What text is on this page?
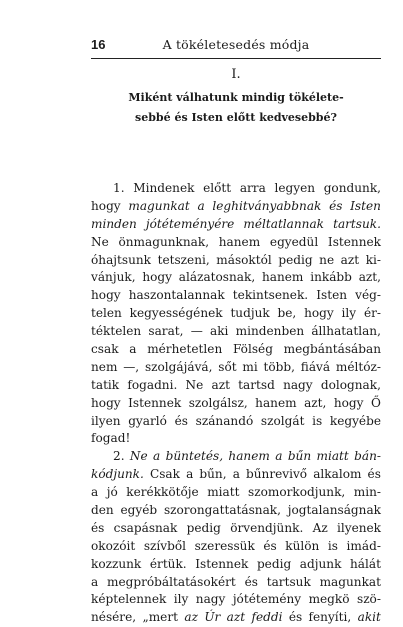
16	A tökéletesedés módja
I.
Miként válhatunk mindig tökélete-
sebbé és Isten előtt kedvesebbé?
1. Mindenek előtt arra legyen gondunk,
hogy magunkat a leghitványabbnak és Isten
minden jótéteményére méltatlannak tartsuk.
Ne önmagunknak, hanem egyedül Istennek
óhajtsunk tetszeni, másoktól pedig ne azt ki-
vánjuk, hogy alázatosnak, hanem inkább azt,
hogy haszontalannak tekintsenek. Isten vég-
telen kegyességének tudjuk be, hogy ily ér-
téktelen sarat, — aki mindenben állhatatlan,
csak a mérhetetlen Fölség megbántásában
nem —, szolgájává, sőt mi több, fiává méltóz-
tatik fogadni. Ne azt tartsd nagy dolognak,
hogy Istennek szolgálsz, hanem azt, hogy Ő
ilyen gyarló és szánandó szolgát is kegyébe
fogad!
2. Ne a büntetés, hanem a bűn miatt bán-
kódjunk. Csak a bűn, a bűnrevivő alkalom és
a jó kerékkötője miatt szomorkodjunk, min-
den egyéb szorongattatásnak, jogtalanságnak
és csapásnak pedig örvendjünk. Az ilyenek
okozóit szívből szeressük és külön is imád-
kozzunk értük. Istennek pedig adjunk hálát
a megpróbáltatásokért és tartsuk magunkat
képtelennek ily nagy jótétemény megkö szö-
nésére, „mert az Úr azt feddi és fenyíti, akit
